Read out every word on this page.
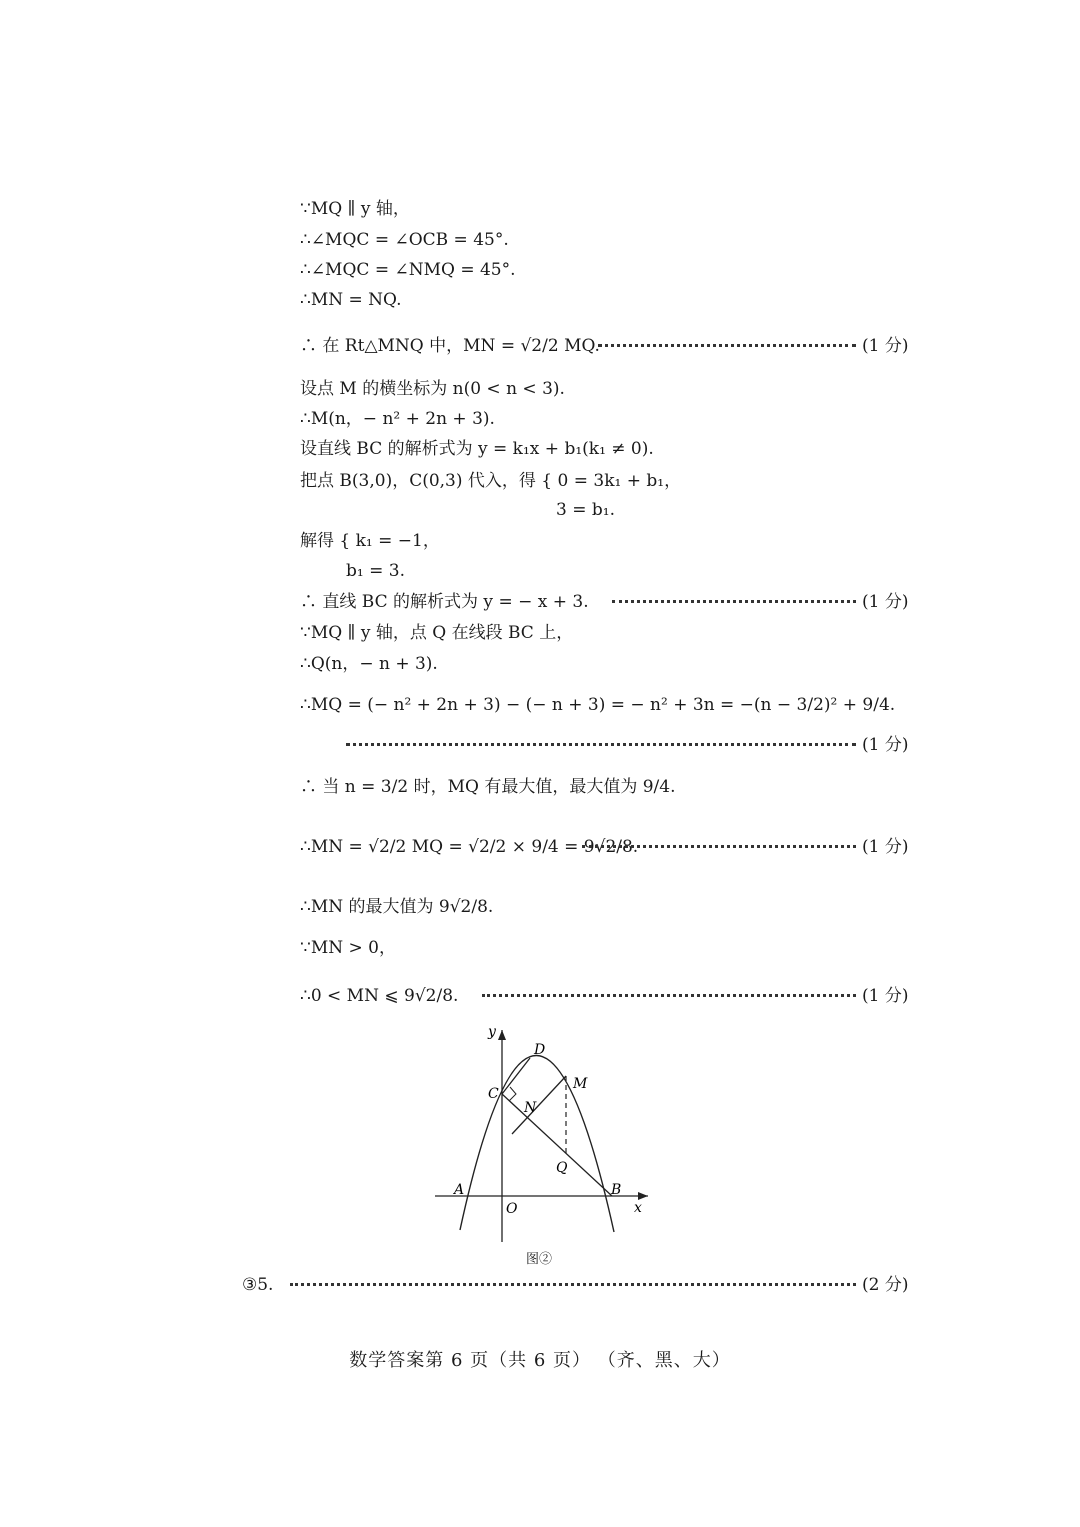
∵MQ ∥ y 轴，
∴∠MQC = ∠OCB = 45°.
∴∠MQC = ∠NMQ = 45°.
∴MN = NQ.
∴ 在 Rt△MNQ 中，MN = √2/2 MQ.	(1 分)
设点 M 的横坐标为 n(0 < n < 3).
∴M(n，− n² + 2n + 3).
设直线 BC 的解析式为 y = k₁x + b₁(k₁ ≠ 0).
把点 B(3,0)，C(0,3) 代入，得 { 0 = 3k₁ + b₁，
3 = b₁.
解得 { k₁ = −1，
b₁ = 3.
∴ 直线 BC 的解析式为 y = − x + 3.	(1 分)
∵MQ ∥ y 轴，点 Q 在线段 BC 上，
∴Q(n，− n + 3).
∴MQ = (− n² + 2n + 3) − (− n + 3) = − n² + 3n = −(n − 3/2)² + 9/4.
(1 分)
∴ 当 n = 3/2 时，MQ 有最大值，最大值为 9/4.
∴MN = √2/2 MQ = √2/2 × 9/4 = 9√2/8.	(1 分)
∴MN 的最大值为 9√2/8.
∵MN > 0，
∴0 < MN ⩽ 9√2/8.	(1 分)
y
x
O
A	B
C
D
M
N
Q
图②
③5.	(2 分)
数学答案第 6 页（共 6 页） （齐、黑、大）
